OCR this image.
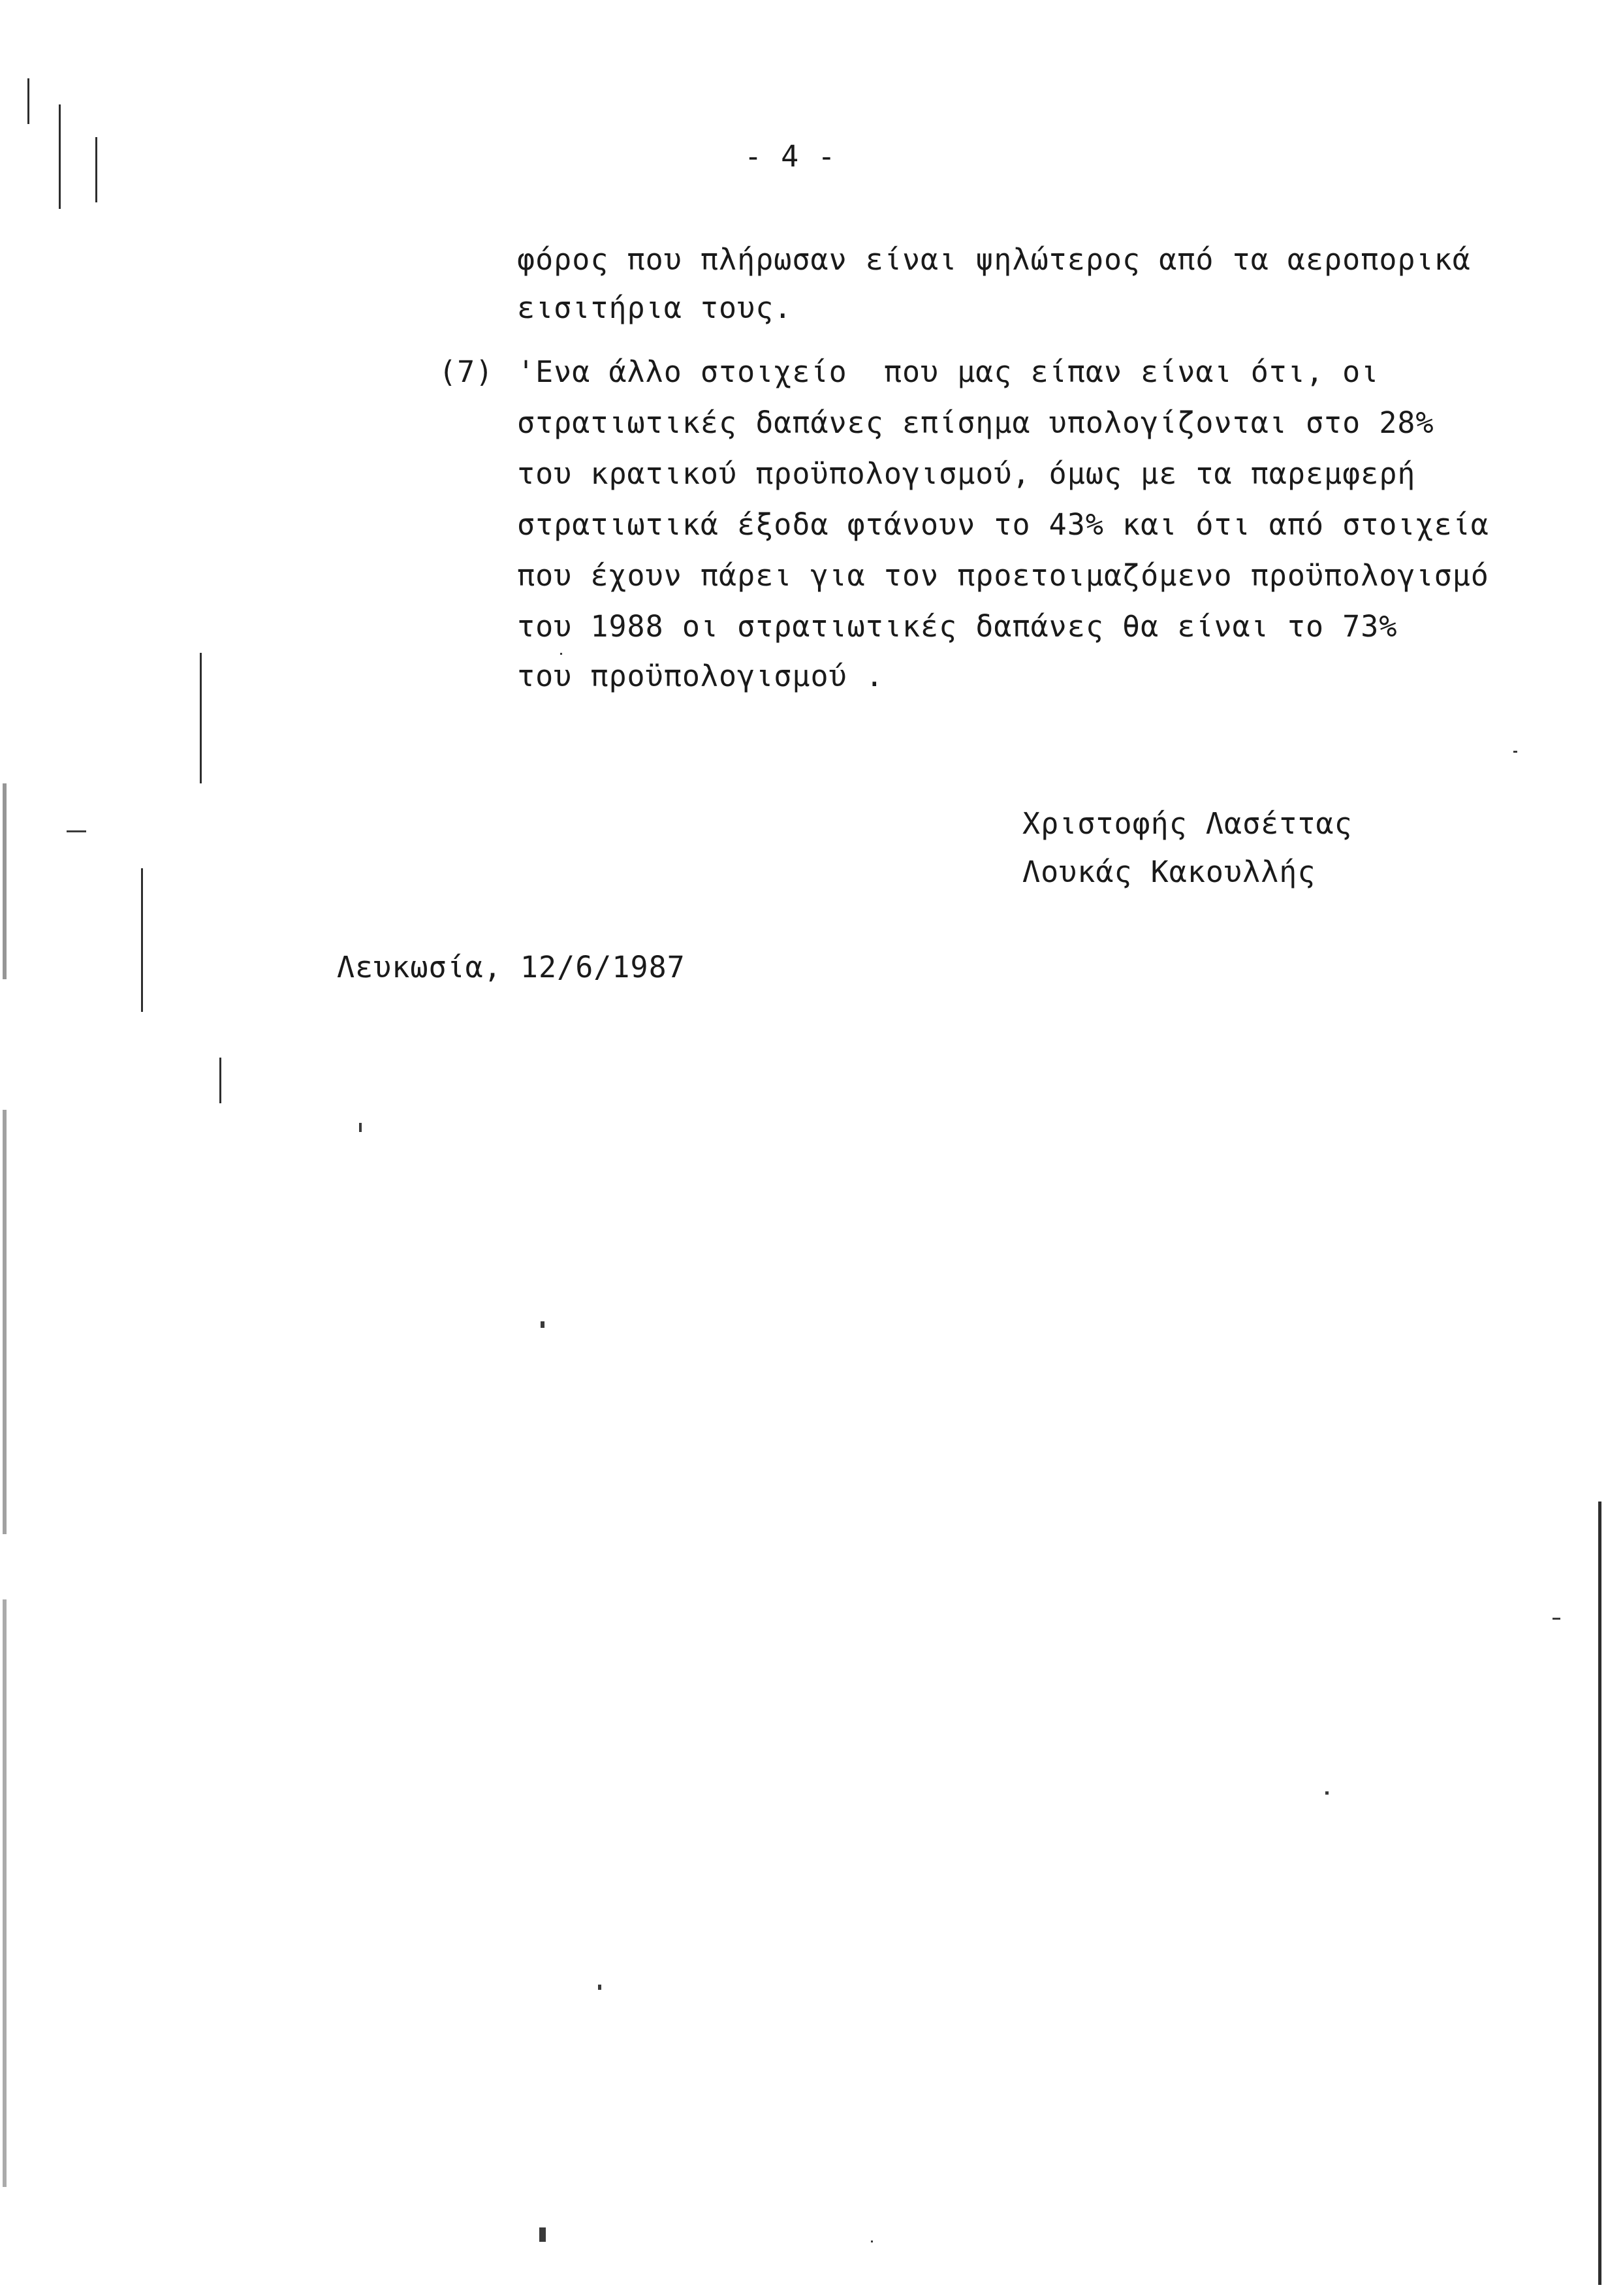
- 4 -
φόρος που πλήρωσαν είναι ψηλώτερος από τα αεροπορικά
εισιτήρια τους.
(7) 'Ενα άλλο στοιχείο  που μας είπαν είναι ότι, οι
στρατιωτικές δαπάνες επίσημα υπολογίζονται στο 28%
του κρατικού προϋπολογισμού, όμως με τα παρεμφερή
στρατιωτικά έξοδα φτάνουν το 43% και ότι από στοιχεία
που έχουν πάρει για τον προετοιμαζόμενο προϋπολογισμό
του 1988 οι στρατιωτικές δαπάνες θα είναι το 73%
του προϋπολογισμού .
Χριστοφής Λασέττας
Λουκάς Κακουλλής
Λευκωσία, 12/6/1987
